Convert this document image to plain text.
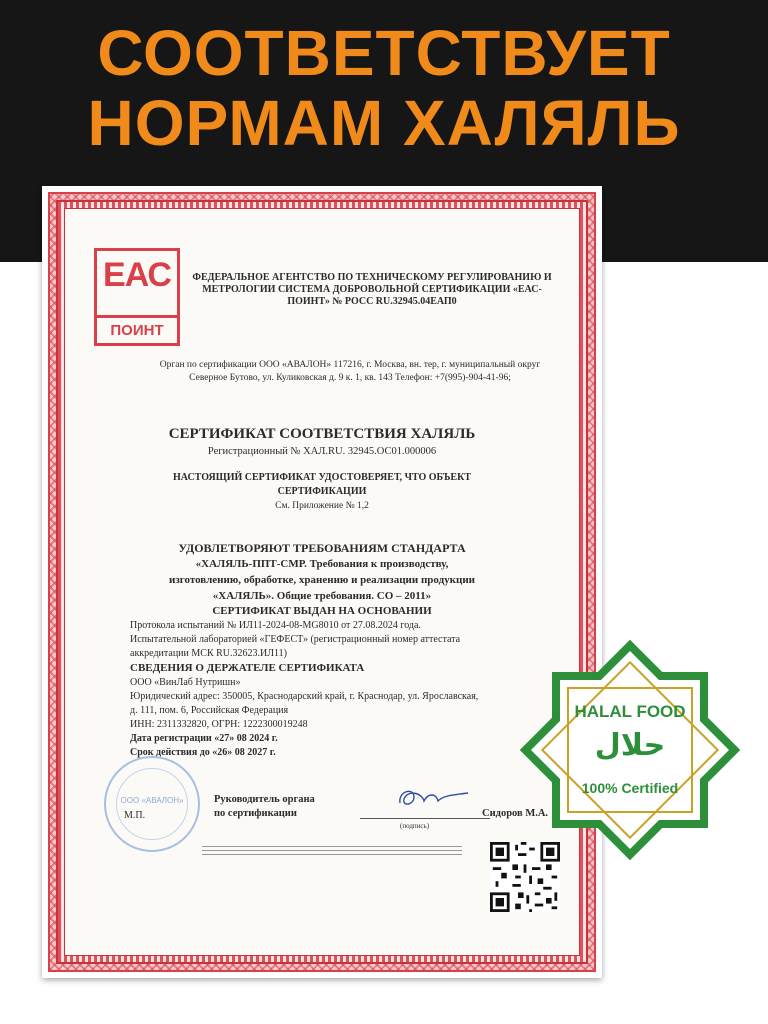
СООТВЕТСТВУЕТ
НОРМАМ ХАЛЯЛЬ
ЕАС
ПОИНТ
ФЕДЕРАЛЬНОЕ АГЕНТСТВО ПО ТЕХНИЧЕСКОМУ РЕГУЛИРОВАНИЮ И МЕТРОЛОГИИ СИСТЕМА ДОБРОВОЛЬНОЙ СЕРТИФИКАЦИИ «ЕАС-ПОИНТ» № РОСС RU.32945.04ЕАП0
Орган по сертификации ООО «АВАЛОН» 117216, г. Москва, вн. тер, г. муниципальный округ Северное Бутово, ул. Куликовская д. 9 к. 1, кв. 143 Телефон: +7(995)-904-41-96;
СЕРТИФИКАТ СООТВЕТСТВИЯ ХАЛЯЛЬ
Регистрационный № ХАЛ.RU. 32945.ОС01.000006
НАСТОЯЩИЙ СЕРТИФИКАТ УДОСТОВЕРЯЕТ, ЧТО ОБЪЕКТ
СЕРТИФИКАЦИИ
См. Приложение № 1,2
УДОВЛЕТВОРЯЮТ ТРЕБОВАНИЯМ СТАНДАРТА
«ХАЛЯЛЬ-ППТ-СМР. Требования к производству,
изготовлению, обработке, хранению и реализации продукции
«ХАЛЯЛЬ». Общие требования. СО – 2011»
СЕРТИФИКАТ ВЫДАН НА ОСНОВАНИИ
Протокола испытаний № ИЛ11-2024-08-MG8010 от 27.08.2024 года.
Испытательной лабораторией «ГЕФЕСТ» (регистрационный номер аттестата
аккредитации МСК RU.32623.ИЛ11)
СВЕДЕНИЯ О ДЕРЖАТЕЛЕ СЕРТИФИКАТА
ООО «ВинЛаб Нутришн»
Юридический адрес: 350005, Краснодарский край, г. Краснодар, ул. Ярославская,
д. 111, пом. 6, Российская Федерация
ИНН: 2311332820, ОГРН: 1222300019248
Дата регистрации «27» 08 2024 г.
Срок действия до «26» 08 2027 г.
ООО «АВАЛОН»
М.П.
Руководитель органа
по сертификации
(подпись)
Сидоров М.А.
HALAL FOOD
حلال
100% Certified
